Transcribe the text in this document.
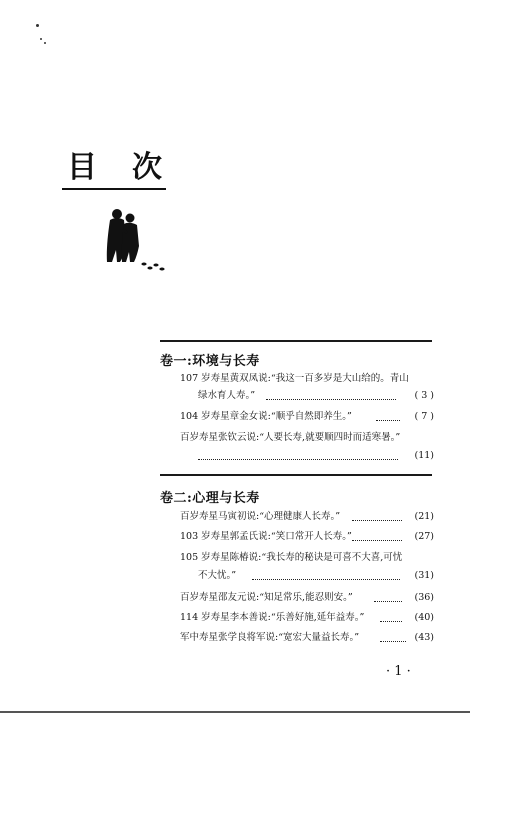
目 次
卷一:环境与长寿
107 岁寿星黄双凤说:“我这一百多岁是大山给的。青山
绿水育人寿。”	( 3 )
104 岁寿星章金女说:“顺乎自然即养生。”	( 7 )
百岁寿星张钦云说:“人要长寿,就要顺四时而适寒暑。”
(11)
卷二:心理与长寿
百岁寿星马寅初说:“心理健康人长寿。”	(21)
103 岁寿星郭孟氏说:“笑口常开人长寿。”	(27)
105 岁寿星陈椿说:“我长寿的秘诀是可喜不大喜,可忧
不大忧。”	(31)
百岁寿星邵友元说:“知足常乐,能忍则安。”	(36)
114 岁寿星李本善说:“乐善好施,延年益寿。”	(40)
军中寿星张学良将军说:“宽宏大量益长寿。”	(43)
· 1 ·
